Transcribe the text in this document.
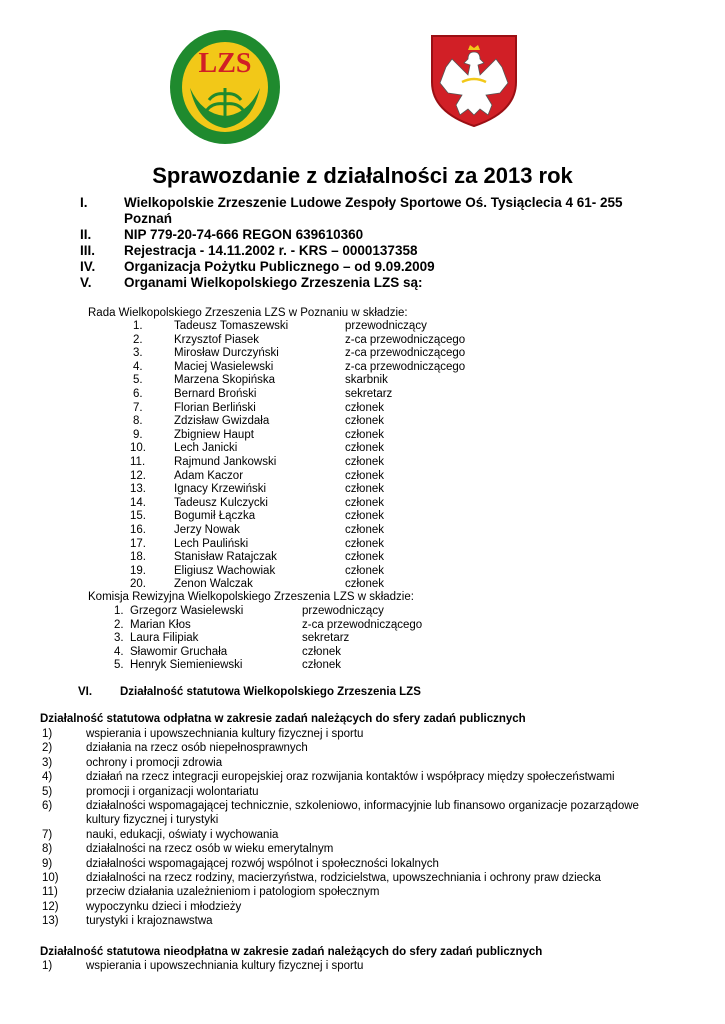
LZS
Sprawozdanie z działalności za 2013 rok
I.	Wielkopolskie Zrzeszenie Ludowe Zespoły Sportowe Oś. Tysiąclecia 4 61- 255
Poznań
II. NIP 779-20-74-666 REGON 639610360
III. Rejestracja - 14.11.2002 r. - KRS – 0000137358
IV. Organizacja Pożytku Publicznego – od 9.09.2009
V. Organami Wielkopolskiego Zrzeszenia LZS są:
Rada Wielkopolskiego Zrzeszenia LZS w Poznaniu w składzie:
1.	Tadeusz Tomaszewski	przewodniczący
2.	Krzysztof Piasek	z-ca przewodniczącego
3.	Mirosław Durczyński	z-ca przewodniczącego
4.	Maciej Wasielewski	z-ca przewodniczącego
5.	Marzena Skopińska	skarbnik
6.	Bernard Broński	sekretarz
7.	Florian Berliński	członek
8.	Zdzisław Gwizdała	członek
9.	Zbigniew Haupt	członek
10. Lech Janicki	członek
11.	Rajmund Jankowski	członek
12. Adam Kaczor	członek
13. Ignacy Krzewiński	członek
14. Tadeusz Kulczycki	członek
15. Bogumił Łączka	członek
16. Jerzy Nowak	członek
17. Lech Pauliński	członek
18. Stanisław Ratajczak	członek
19. Eligiusz Wachowiak	członek
20. Zenon Walczak	członek
Komisja Rewizyjna Wielkopolskiego Zrzeszenia LZS w składzie:
1. Grzegorz Wasielewski	przewodniczący
2. Marian Kłos	z-ca przewodniczącego
3. Laura Filipiak	sekretarz
4. Sławomir Gruchała	członek
5. Henryk Siemieniewski	członek
VI. Działalność statutowa Wielkopolskiego Zrzeszenia LZS
Działalność statutowa odpłatna w zakresie zadań należących do sfery zadań publicznych
1)	wspierania i upowszechniania kultury fizycznej i sportu
2)	działania na rzecz osób niepełnosprawnych
3)	ochrony i promocji zdrowia
4)	działań na rzecz integracji europejskiej oraz rozwijania kontaktów i współpracy między społeczeństwami
5)	promocji i organizacji wolontariatu
6)	działalności wspomagającej technicznie, szkoleniowo, informacyjnie lub finansowo organizacje pozarządowe
kultury fizycznej i turystyki
7)	nauki, edukacji, oświaty i wychowania
8)	działalności na rzecz osób w wieku emerytalnym
9)	działalności wspomagającej rozwój wspólnot i społeczności lokalnych
10) działalności na rzecz rodziny, macierzyństwa, rodzicielstwa, upowszechniania i ochrony praw dziecka
11) przeciw działania uzależnieniom i patologiom społecznym
12) wypoczynku dzieci i młodzieży
13) turystyki i krajoznawstwa
Działalność statutowa nieodpłatna w zakresie zadań należących do sfery zadań publicznych
1)	wspierania i upowszechniania kultury fizycznej i sportu
